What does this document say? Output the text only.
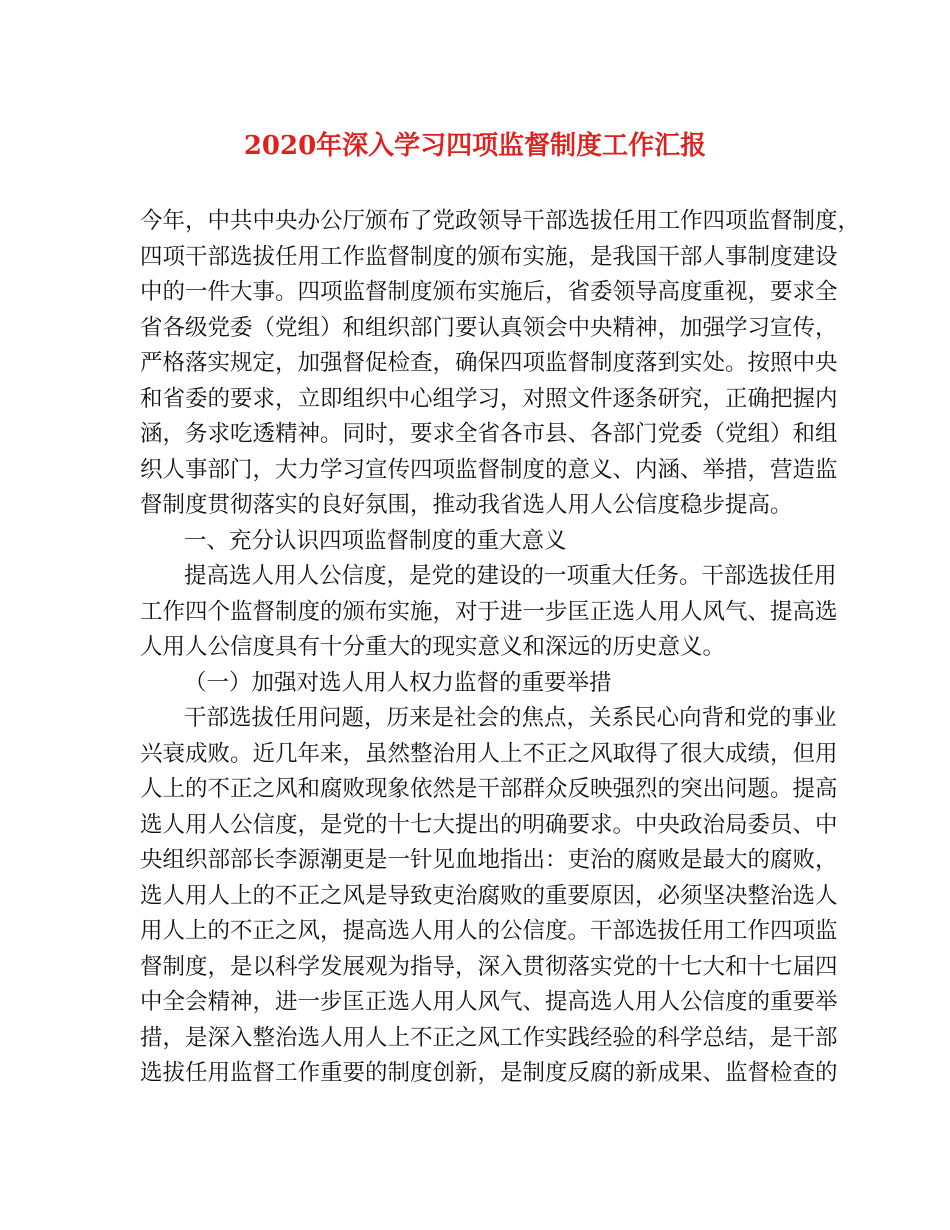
2020年深入学习四项监督制度工作汇报
今年，中共中央办公厅颁布了党政领导干部选拔任用工作四项监督制度，
四项干部选拔任用工作监督制度的颁布实施，是我国干部人事制度建设
中的一件大事。四项监督制度颁布实施后，省委领导高度重视，要求全
省各级党委（党组）和组织部门要认真领会中央精神，加强学习宣传，
严格落实规定，加强督促检查，确保四项监督制度落到实处。按照中央
和省委的要求，立即组织中心组学习，对照文件逐条研究，正确把握内
涵，务求吃透精神。同时，要求全省各市县、各部门党委（党组）和组
织人事部门，大力学习宣传四项监督制度的意义、内涵、举措，营造监
督制度贯彻落实的良好氛围，推动我省选人用人公信度稳步提高。
一、充分认识四项监督制度的重大意义
提高选人用人公信度，是党的建设的一项重大任务。干部选拔任用
工作四个监督制度的颁布实施，对于进一步匡正选人用人风气、提高选
人用人公信度具有十分重大的现实意义和深远的历史意义。
（一）加强对选人用人权力监督的重要举措
干部选拔任用问题，历来是社会的焦点，关系民心向背和党的事业
兴衰成败。近几年来，虽然整治用人上不正之风取得了很大成绩，但用
人上的不正之风和腐败现象依然是干部群众反映强烈的突出问题。提高
选人用人公信度，是党的十七大提出的明确要求。中央政治局委员、中
央组织部部长李源潮更是一针见血地指出：吏治的腐败是最大的腐败，
选人用人上的不正之风是导致吏治腐败的重要原因，必须坚决整治选人
用人上的不正之风，提高选人用人的公信度。干部选拔任用工作四项监
督制度，是以科学发展观为指导，深入贯彻落实党的十七大和十七届四
中全会精神，进一步匡正选人用人风气、提高选人用人公信度的重要举
措，是深入整治选人用人上不正之风工作实践经验的科学总结，是干部
选拔任用监督工作重要的制度创新，是制度反腐的新成果、监督检查的
